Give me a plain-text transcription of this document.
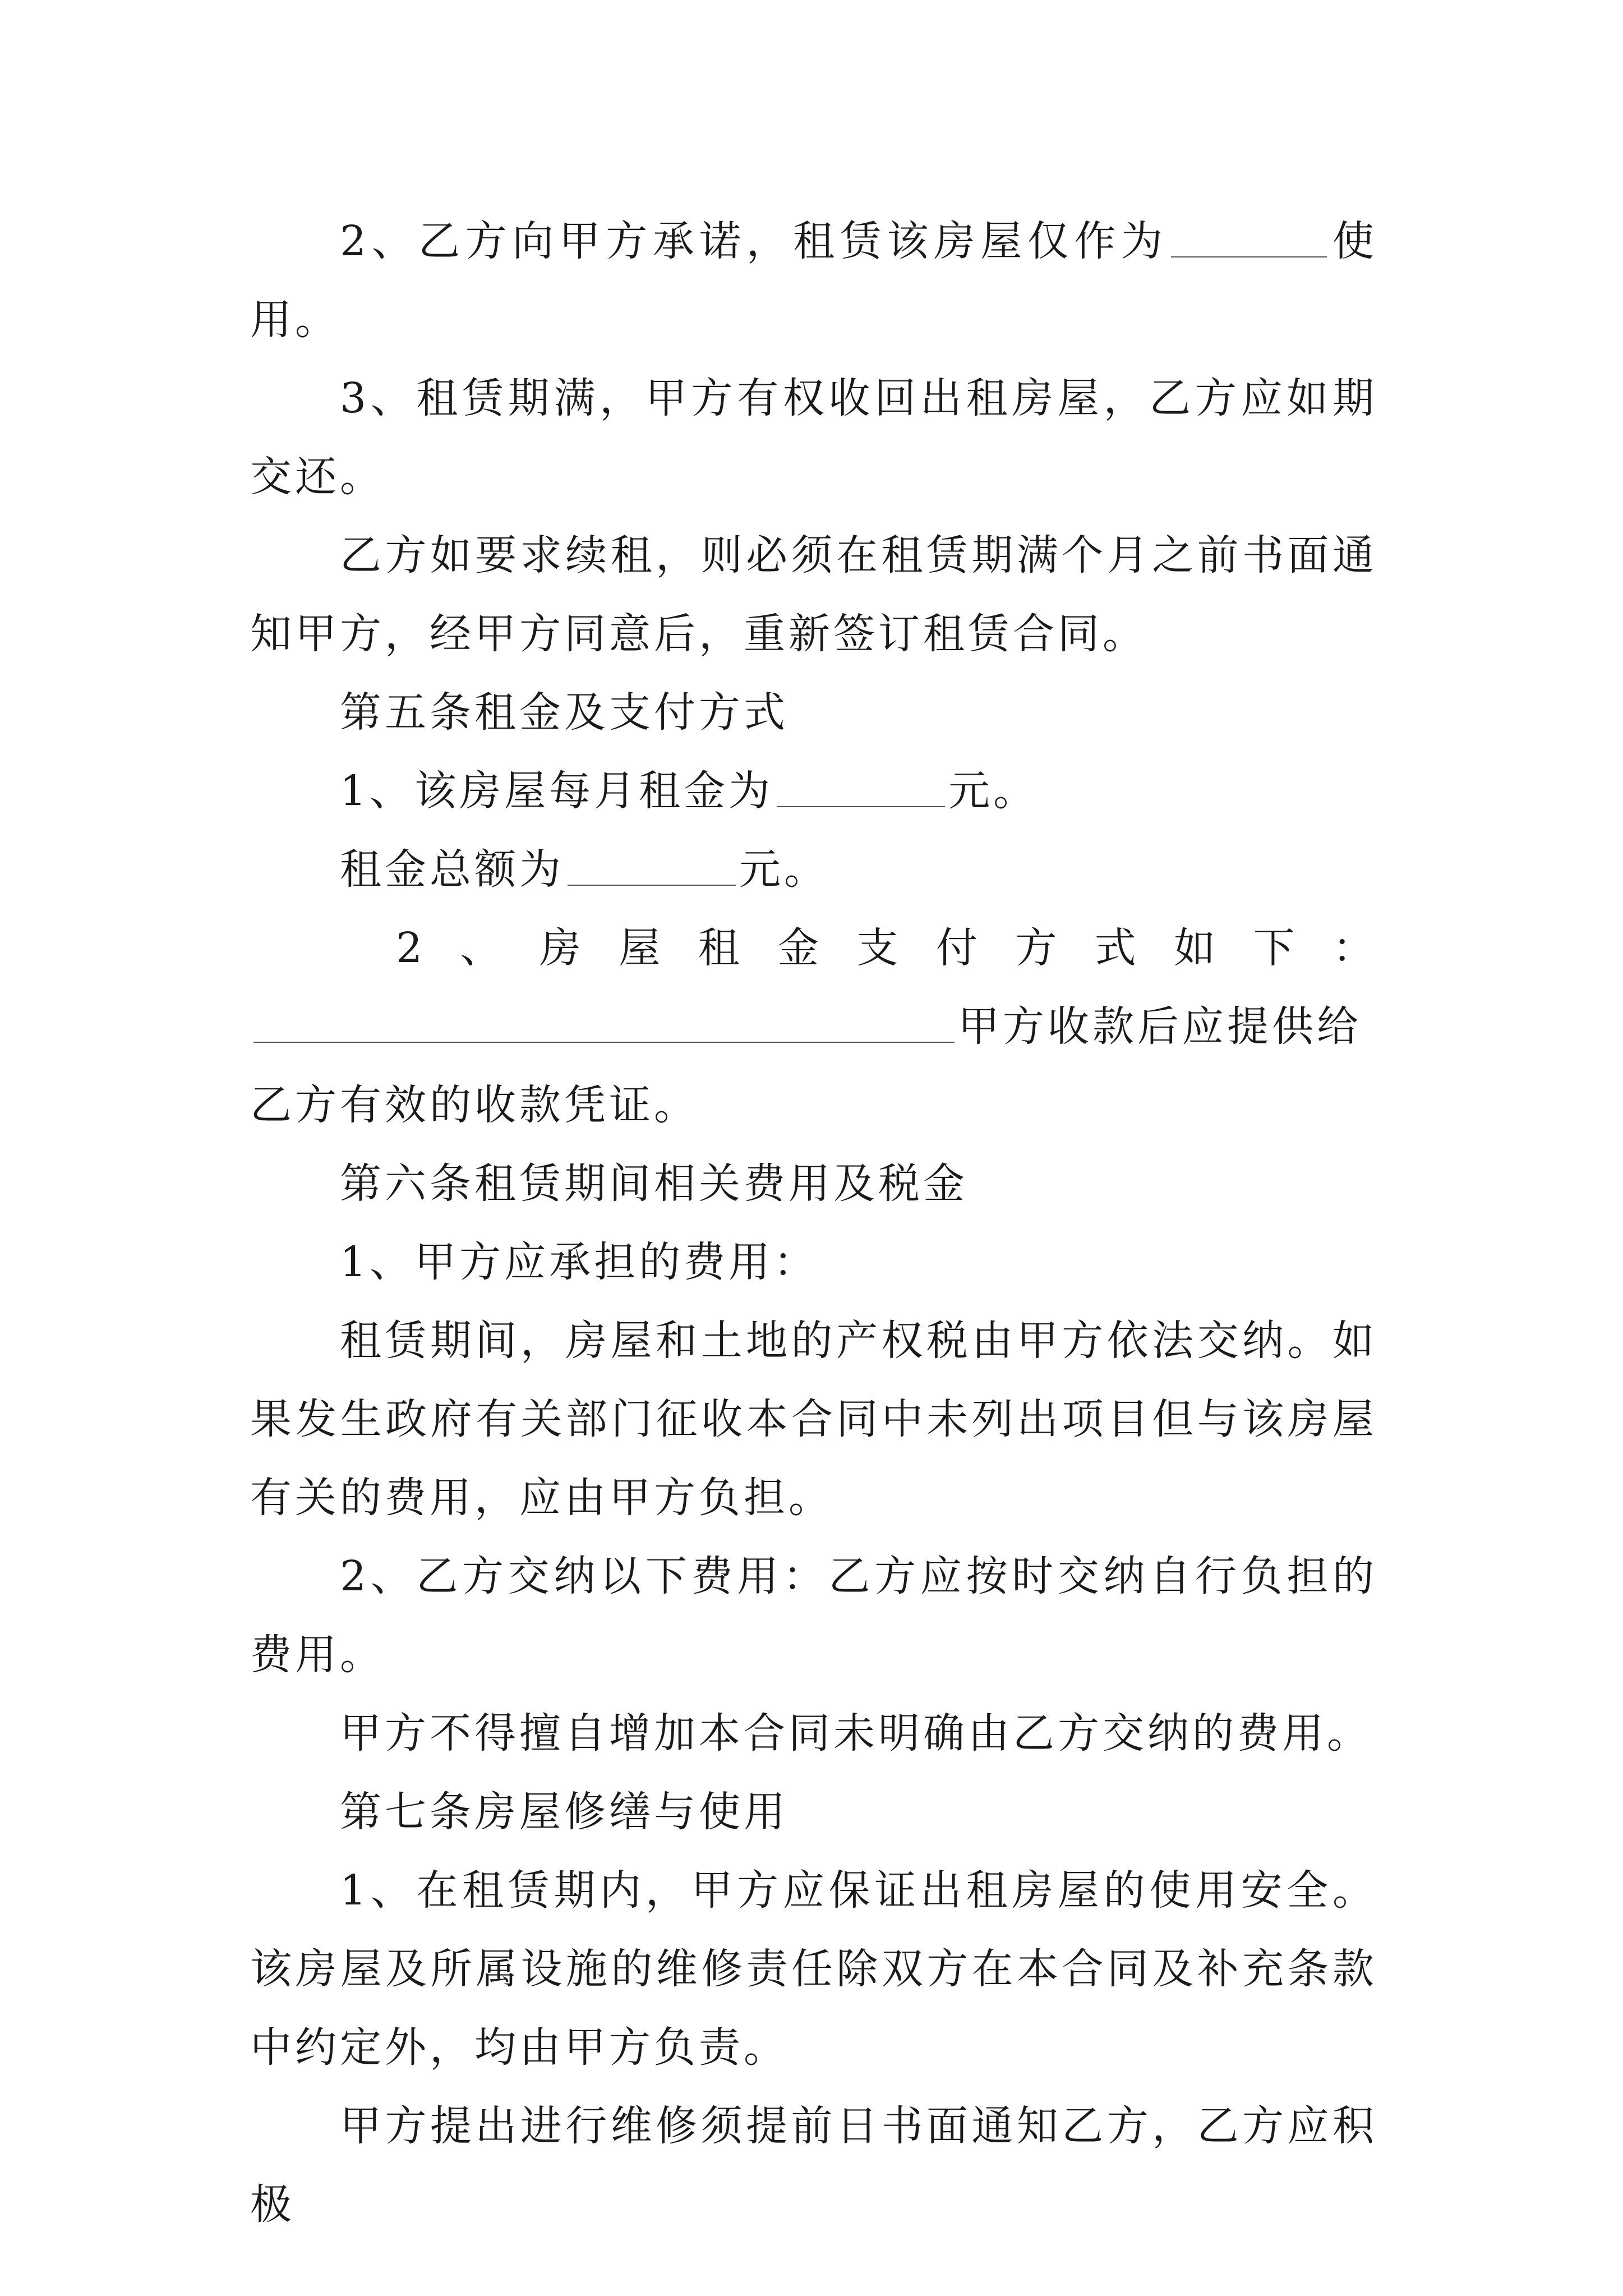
2、乙方向甲方承诺，租赁该房屋仅作为	使用。

3、租赁期满，甲方有权收回出租房屋，乙方应如期交还。

乙方如要求续租，则必须在租赁期满个月之前书面通知甲方，经甲方同意后，重新签订租赁合同。

第五条租金及支付方式

1、该房屋每月租金为	元。

租金总额为	元。

2 、 房 屋 租 金 支 付 方 式 如 下 ：

甲方收款后应提供给

乙方有效的收款凭证。

第六条租赁期间相关费用及税金

1、甲方应承担的费用：

租赁期间，房屋和土地的产权税由甲方依法交纳。如果发生政府有关部门征收本合同中未列出项目但与该房屋有关的费用，应由甲方负担。

2、乙方交纳以下费用：乙方应按时交纳自行负担的费用。

甲方不得擅自增加本合同未明确由乙方交纳的费用。

第七条房屋修缮与使用

1、在租赁期内，甲方应保证出租房屋的使用安全。该房屋及所属设施的维修责任除双方在本合同及补充条款中约定外，均由甲方负责。

甲方提出进行维修须提前日书面通知乙方，乙方应积极
